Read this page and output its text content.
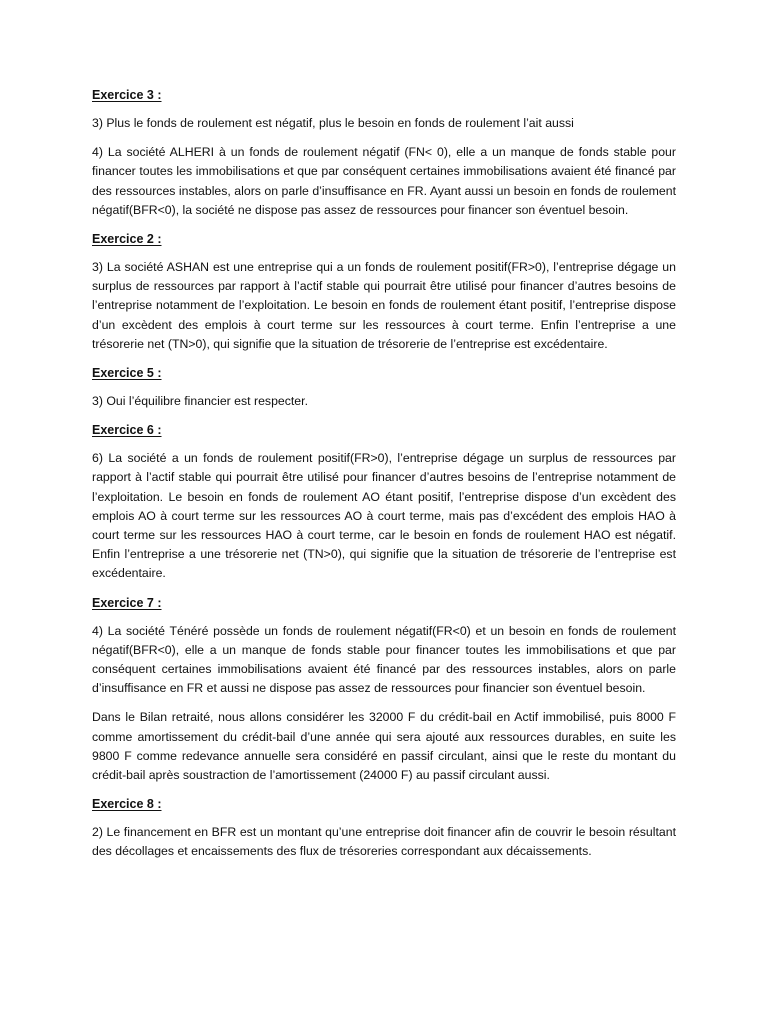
Exercice 3 :

3) Plus le fonds de roulement est négatif, plus le besoin en fonds de roulement l’ait aussi

4) La société ALHERI à un fonds de roulement négatif (FN< 0), elle a un manque de fonds stable pour financer toutes les immobilisations et que par conséquent certaines immobilisations avaient été financé par des ressources instables, alors on parle d’insuffisance en FR. Ayant aussi un besoin en fonds de roulement négatif(BFR<0), la société ne dispose pas assez de ressources pour financer son éventuel besoin.

Exercice 2 :

3) La société ASHAN est une entreprise qui a un fonds de roulement positif(FR>0), l’entreprise dégage un surplus de ressources par rapport à l’actif stable qui pourrait être utilisé pour financer d’autres besoins de l’entreprise notamment de l’exploitation. Le besoin en fonds de roulement étant positif, l’entreprise dispose d’un excèdent des emplois à court terme sur les ressources à court terme. Enfin l’entreprise a une trésorerie net (TN>0), qui signifie que la situation de trésorerie de l’entreprise est excédentaire.

Exercice 5 :

3) Oui l’équilibre financier est respecter.

Exercice 6 :

6) La société a un fonds de roulement positif(FR>0), l’entreprise dégage un surplus de ressources par rapport à l’actif stable qui pourrait être utilisé pour financer d’autres besoins de l’entreprise notamment de l’exploitation. Le besoin en fonds de roulement AO étant positif, l’entreprise dispose d’un excèdent des emplois AO à court terme sur les ressources AO à court terme, mais pas d’excédent des emplois HAO à court terme sur les ressources HAO à court terme, car le besoin en fonds de roulement HAO est négatif. Enfin l’entreprise a une trésorerie net (TN>0), qui signifie que la situation de trésorerie de l’entreprise est excédentaire.

Exercice 7 :

4) La société Ténéré possède un fonds de roulement négatif(FR<0) et un besoin en fonds de roulement négatif(BFR<0), elle a un manque de fonds stable pour financer toutes les immobilisations et que par conséquent certaines immobilisations avaient été financé par des ressources instables, alors on parle d’insuffisance en FR et aussi ne dispose pas assez de ressources pour financier son éventuel besoin.

Dans le Bilan retraité, nous allons considérer les 32000 F du crédit-bail en Actif immobilisé, puis 8000 F comme amortissement du crédit-bail d’une année qui sera ajouté aux ressources durables, en suite les 9800 F comme redevance annuelle sera considéré en passif circulant, ainsi que le reste du montant du crédit-bail après soustraction de l’amortissement (24000 F) au passif circulant aussi.

Exercice 8 :

2) Le financement en BFR est un montant qu’une entreprise doit financer afin de couvrir le besoin résultant des décollages et encaissements des flux de trésoreries correspondant aux décaissements.
